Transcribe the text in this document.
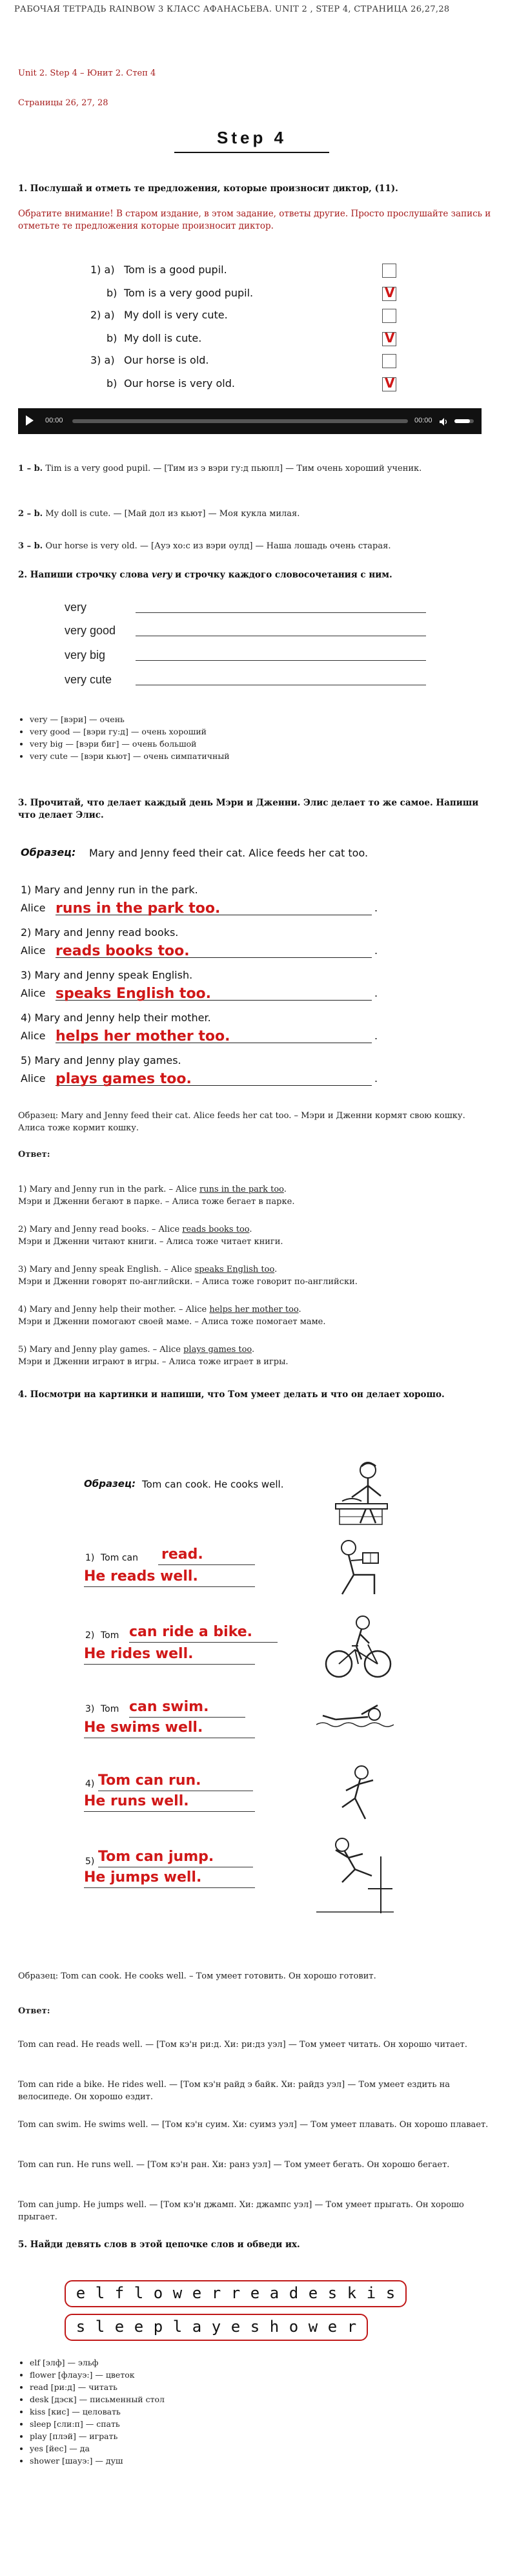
РАБОЧАЯ ТЕТРАДЬ RAINBOW 3 КЛАСС АФАНАСЬЕВА. UNIT 2 , STEP 4, СТРАНИЦА 26,27,28
Unit 2. Step 4 – Юнит 2. Степ 4
Страницы 26, 27, 28
Step 4
1. Послушай и отметь те предложения, которые произносит диктор, (11).
Обратите внимание! В старом издание, в этом задание, ответы другие. Просто прослушайте запись и отметьте те предложения которые произносит диктор.
1) a) Tom is a good pupil.
b) Tom is a very good pupil.
V
2) a) My doll is very cute.
b) My doll is cute.
V
3) a) Our horse is old.
b) Our horse is very old.
V
00:00	00:00
1 – b. Tim is a very good pupil. — [Тим из э вэри гу:д пьюпл] — Тим очень хороший ученик.
2 – b. My doll is cute. — [Май дол из кьют] — Моя кукла милая.
3 – b. Our horse is very old. — [Ауэ хо:с из вэри оулд] — Наша лошадь очень старая.
2. Напиши строчку слова very и строчку каждого словосочетания с ним.
very
very good
very big
very cute
• very — [вэри] — очень
• very good — [вэри гу:д] — очень хороший
• very big — [вэри биг] — очень большой
• very cute — [вэри кьют] — очень симпатичный
3. Прочитай, что делает каждый день Мэри и Дженни. Элис делает то же самое. Напиши что делает Элис.
Образец: Mary and Jenny feed their cat. Alice feeds her cat too.
1) Mary and Jenny run in the park.
Alice runs in the park too.	.
2) Mary and Jenny read books.
Alice reads books too.	.
3) Mary and Jenny speak English.
Alice speaks English too.	.
4) Mary and Jenny help their mother.
Alice helps her mother too.	.
5) Mary and Jenny play games.
Alice plays games too.	.
Образец: Mary and Jenny feed their cat. Alice feeds her cat too. – Мэри и Дженни кормят свою кошку. Алиса тоже кормит кошку.
Ответ:
1) Mary and Jenny run in the park. – Alice runs in the park too.
Мэри и Дженни бегают в парке. – Алиса тоже бегает в парке.
2) Mary and Jenny read books. – Alice reads books too.
Мэри и Дженни читают книги. – Алиса тоже читает книги.
3) Mary and Jenny speak English. – Alice speaks English too.
Мэри и Дженни говорят по-английски. – Алиса тоже говорит по-английски.
4) Mary and Jenny help their mother. – Alice helps her mother too.
Мэри и Дженни помогают своей маме. – Алиса тоже помогает маме.
5) Mary and Jenny play games. – Alice plays games too.
Мэри и Дженни играют в игры. – Алиса тоже играет в игры.
4. Посмотри на картинки и напиши, что Том умеет делать и что он делает хорошо.
Образец: Tom can cook. He cooks well.
1) Tom can read.
He reads well.
2) Tom can ride a bike.
He rides well.
3) Tom can swim.
He swims well.
4) Tom can run.
He runs well.
5) Tom can jump.
He jumps well.
Образец: Tom can cook. He cooks well. – Том умеет готовить. Он хорошо готовит.
Ответ:
Tom can read. He reads well. — [Том кэ'н ри:д. Хи: ри:дз уэл] — Том умеет читать. Он хорошо читает.
Tom can ride a bike. He rides well. — [Том кэ'н райд э байк. Хи: райдз уэл] — Том умеет ездить на велосипеде. Он хорошо ездит.
Tom can swim. He swims well. — [Том кэ'н суим. Хи: суимз уэл] — Том умеет плавать. Он хорошо плавает.
Tom can run. He runs well. — [Том кэ'н ран. Хи: ранз уэл] — Том умеет бегать. Он хорошо бегает.
Tom can jump. He jumps well. — [Том кэ'н джамп. Хи: джампс уэл] — Том умеет прыгать. Он хорошо прыгает.
5. Найди девять слов в этой цепочке слов и обведи их.
e l f l o w e r r e a d e s k i s
s l e e p l a y e s h o w e r
• elf [элф] — эльф
• flower [флауэ:] — цветок
• read [ри:д] — читать
• desk [дэск] — письменный стол
• kiss [кис] — целовать
• sleep [сли:п] — спать
• play [плэй] — играть
• yes [йес] — да
• shower [шауэ:] — душ
